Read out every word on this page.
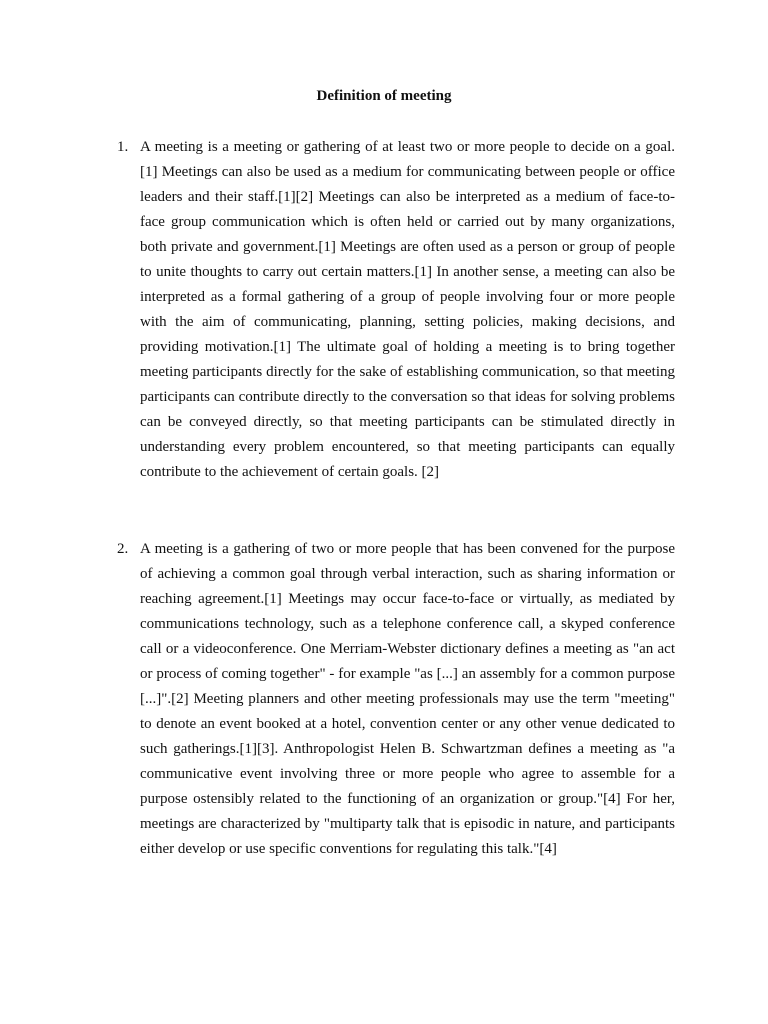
Definition of meeting
1. A meeting is a meeting or gathering of at least two or more people to decide on a goal.[1] Meetings can also be used as a medium for communicating between people or office leaders and their staff.[1][2] Meetings can also be interpreted as a medium of face-to-face group communication which is often held or carried out by many organizations, both private and government.[1] Meetings are often used as a person or group of people to unite thoughts to carry out certain matters.[1] In another sense, a meeting can also be interpreted as a formal gathering of a group of people involving four or more people with the aim of communicating, planning, setting policies, making decisions, and providing motivation.[1] The ultimate goal of holding a meeting is to bring together meeting participants directly for the sake of establishing communication, so that meeting participants can contribute directly to the conversation so that ideas for solving problems can be conveyed directly, so that meeting participants can be stimulated directly in understanding every problem encountered, so that meeting participants can equally contribute to the achievement of certain goals. [2]

2. A meeting is a gathering of two or more people that has been convened for the purpose of achieving a common goal through verbal interaction, such as sharing information or reaching agreement.[1] Meetings may occur face-to-face or virtually, as mediated by communications technology, such as a telephone conference call, a skyped conference call or a videoconference. One Merriam-Webster dictionary defines a meeting as "an act or process of coming together" - for example "as [...] an assembly for a common purpose [...]".[2] Meeting planners and other meeting professionals may use the term "meeting" to denote an event booked at a hotel, convention center or any other venue dedicated to such gatherings.[1][3]. Anthropologist Helen B. Schwartzman defines a meeting as "a communicative event involving three or more people who agree to assemble for a purpose ostensibly related to the functioning of an organization or group."[4] For her, meetings are characterized by "multiparty talk that is episodic in nature, and participants either develop or use specific conventions for regulating this talk."[4]
